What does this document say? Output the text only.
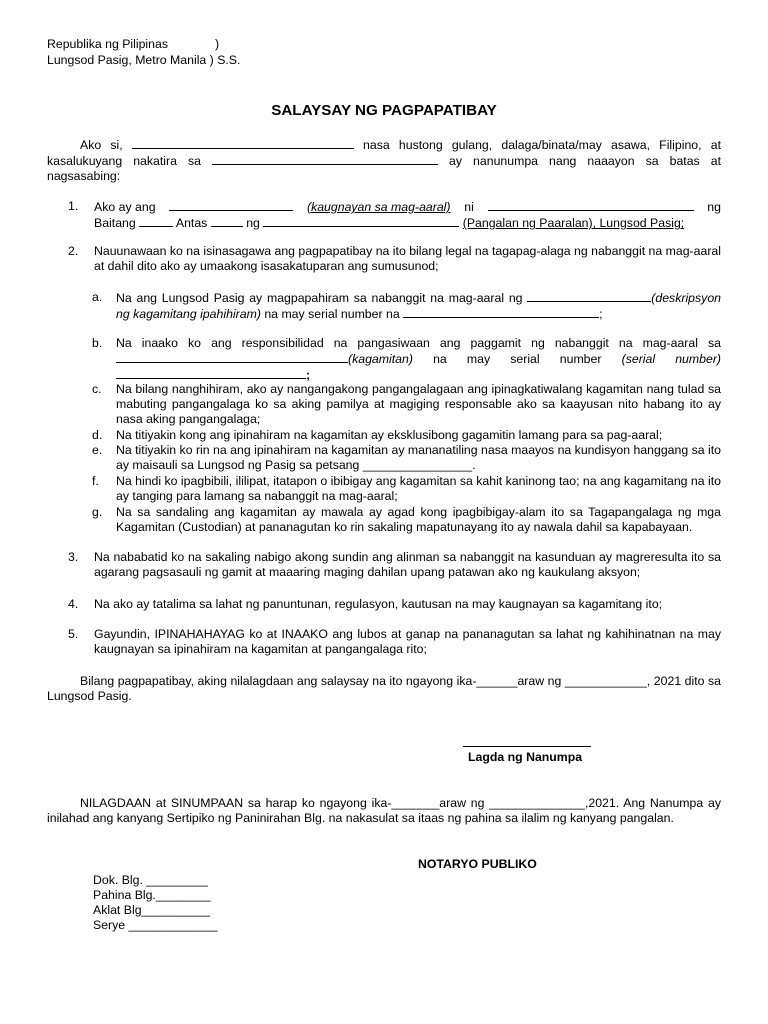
Republika ng Pilipinas	)
Lungsod Pasig, Metro Manila ) S.S.
SALAYSAY NG PAGPAPATIBAY
Ako si,	nasa hustong gulang, dalaga/binata/may asawa, Filipino, at kasalukuyang nakatira sa	ay nanunumpa nang naaayon sa batas at nagsasabing:
1. Ako ay ang	(kaugnayan sa mag-aaral) ni	ng
Baitang	Antas	ng	(Pangalan ng Paaralan), Lungsod Pasig;
2. Nauunawaan ko na isinasagawa ang pagpapatibay na ito bilang legal na tagapag-alaga ng nabanggit na mag-aaral at dahil dito ako ay umaakong isasakatuparan ang sumusunod;
a. Na ang Lungsod Pasig ay magpapahiram sa nabanggit na mag-aaral ng	(deskripsyon ng kagamitang ipahihiram) na may serial number na	;
b. Na inaako ko ang responsibilidad na pangasiwaan ang paggamit ng nabanggit na mag-aaral sa (kagamitan) na may serial number (serial number) ;
c. Na bilang nanghihiram, ako ay nangangakong pangangalagaan ang ipinagkatiwalang kagamitan nang tulad sa mabuting pangangalaga ko sa aking pamilya at magiging responsable ako sa kaayusan nito habang ito ay nasa aking pangangalaga;
d. Na titiyakin kong ang ipinahiram na kagamitan ay eksklusibong gagamitin lamang para sa pag-aaral;
e. Na titiyakin ko rin na ang ipinahiram na kagamitan ay mananatiling nasa maayos na kundisyon hanggang sa ito ay maisauli sa Lungsod ng Pasig sa petsang ________________.
f. Na hindi ko ipagbibili, ililipat, itatapon o ibibigay ang kagamitan sa kahit kaninong tao; na ang kagamitang na ito ay tanging para lamang sa nabanggit na mag-aaral;
g. Na sa sandaling ang kagamitan ay mawala ay agad kong ipagbibigay-alam ito sa Tagapangalaga ng mga Kagamitan (Custodian) at pananagutan ko rin sakaling mapatunayang ito ay nawala dahil sa kapabayaan.
3. Na nababatid ko na sakaling nabigo akong sundin ang alinman sa nabanggit na kasunduan ay magreresulta ito sa agarang pagsasauli ng gamit at maaaring maging dahilan upang patawan ako ng kaukulang aksyon;
4. Na ako ay tatalima sa lahat ng panuntunan, regulasyon, kautusan na may kaugnayan sa kagamitang ito;
5. Gayundin, IPINAHAHAYAG ko at INAAKO ang lubos at ganap na pananagutan sa lahat ng kahihinatnan na may kaugnayan sa ipinahiram na kagamitan at pangangalaga rito;
Bilang pagpapatibay, aking nilalagdaan ang salaysay na ito ngayong ika-______araw ng ____________, 2021 dito sa Lungsod Pasig.
Lagda ng Nanumpa
NILAGDAAN at SINUMPAAN sa harap ko ngayong ika-_______araw ng ______________,2021. Ang Nanumpa ay inilahad ang kanyang Sertipiko ng Paninirahan Blg. na nakasulat sa itaas ng pahina sa ilalim ng kanyang pangalan.
NOTARYO PUBLIKO
Dok. Blg. _________
Pahina Blg.________
Aklat Blg__________
Serye _____________
